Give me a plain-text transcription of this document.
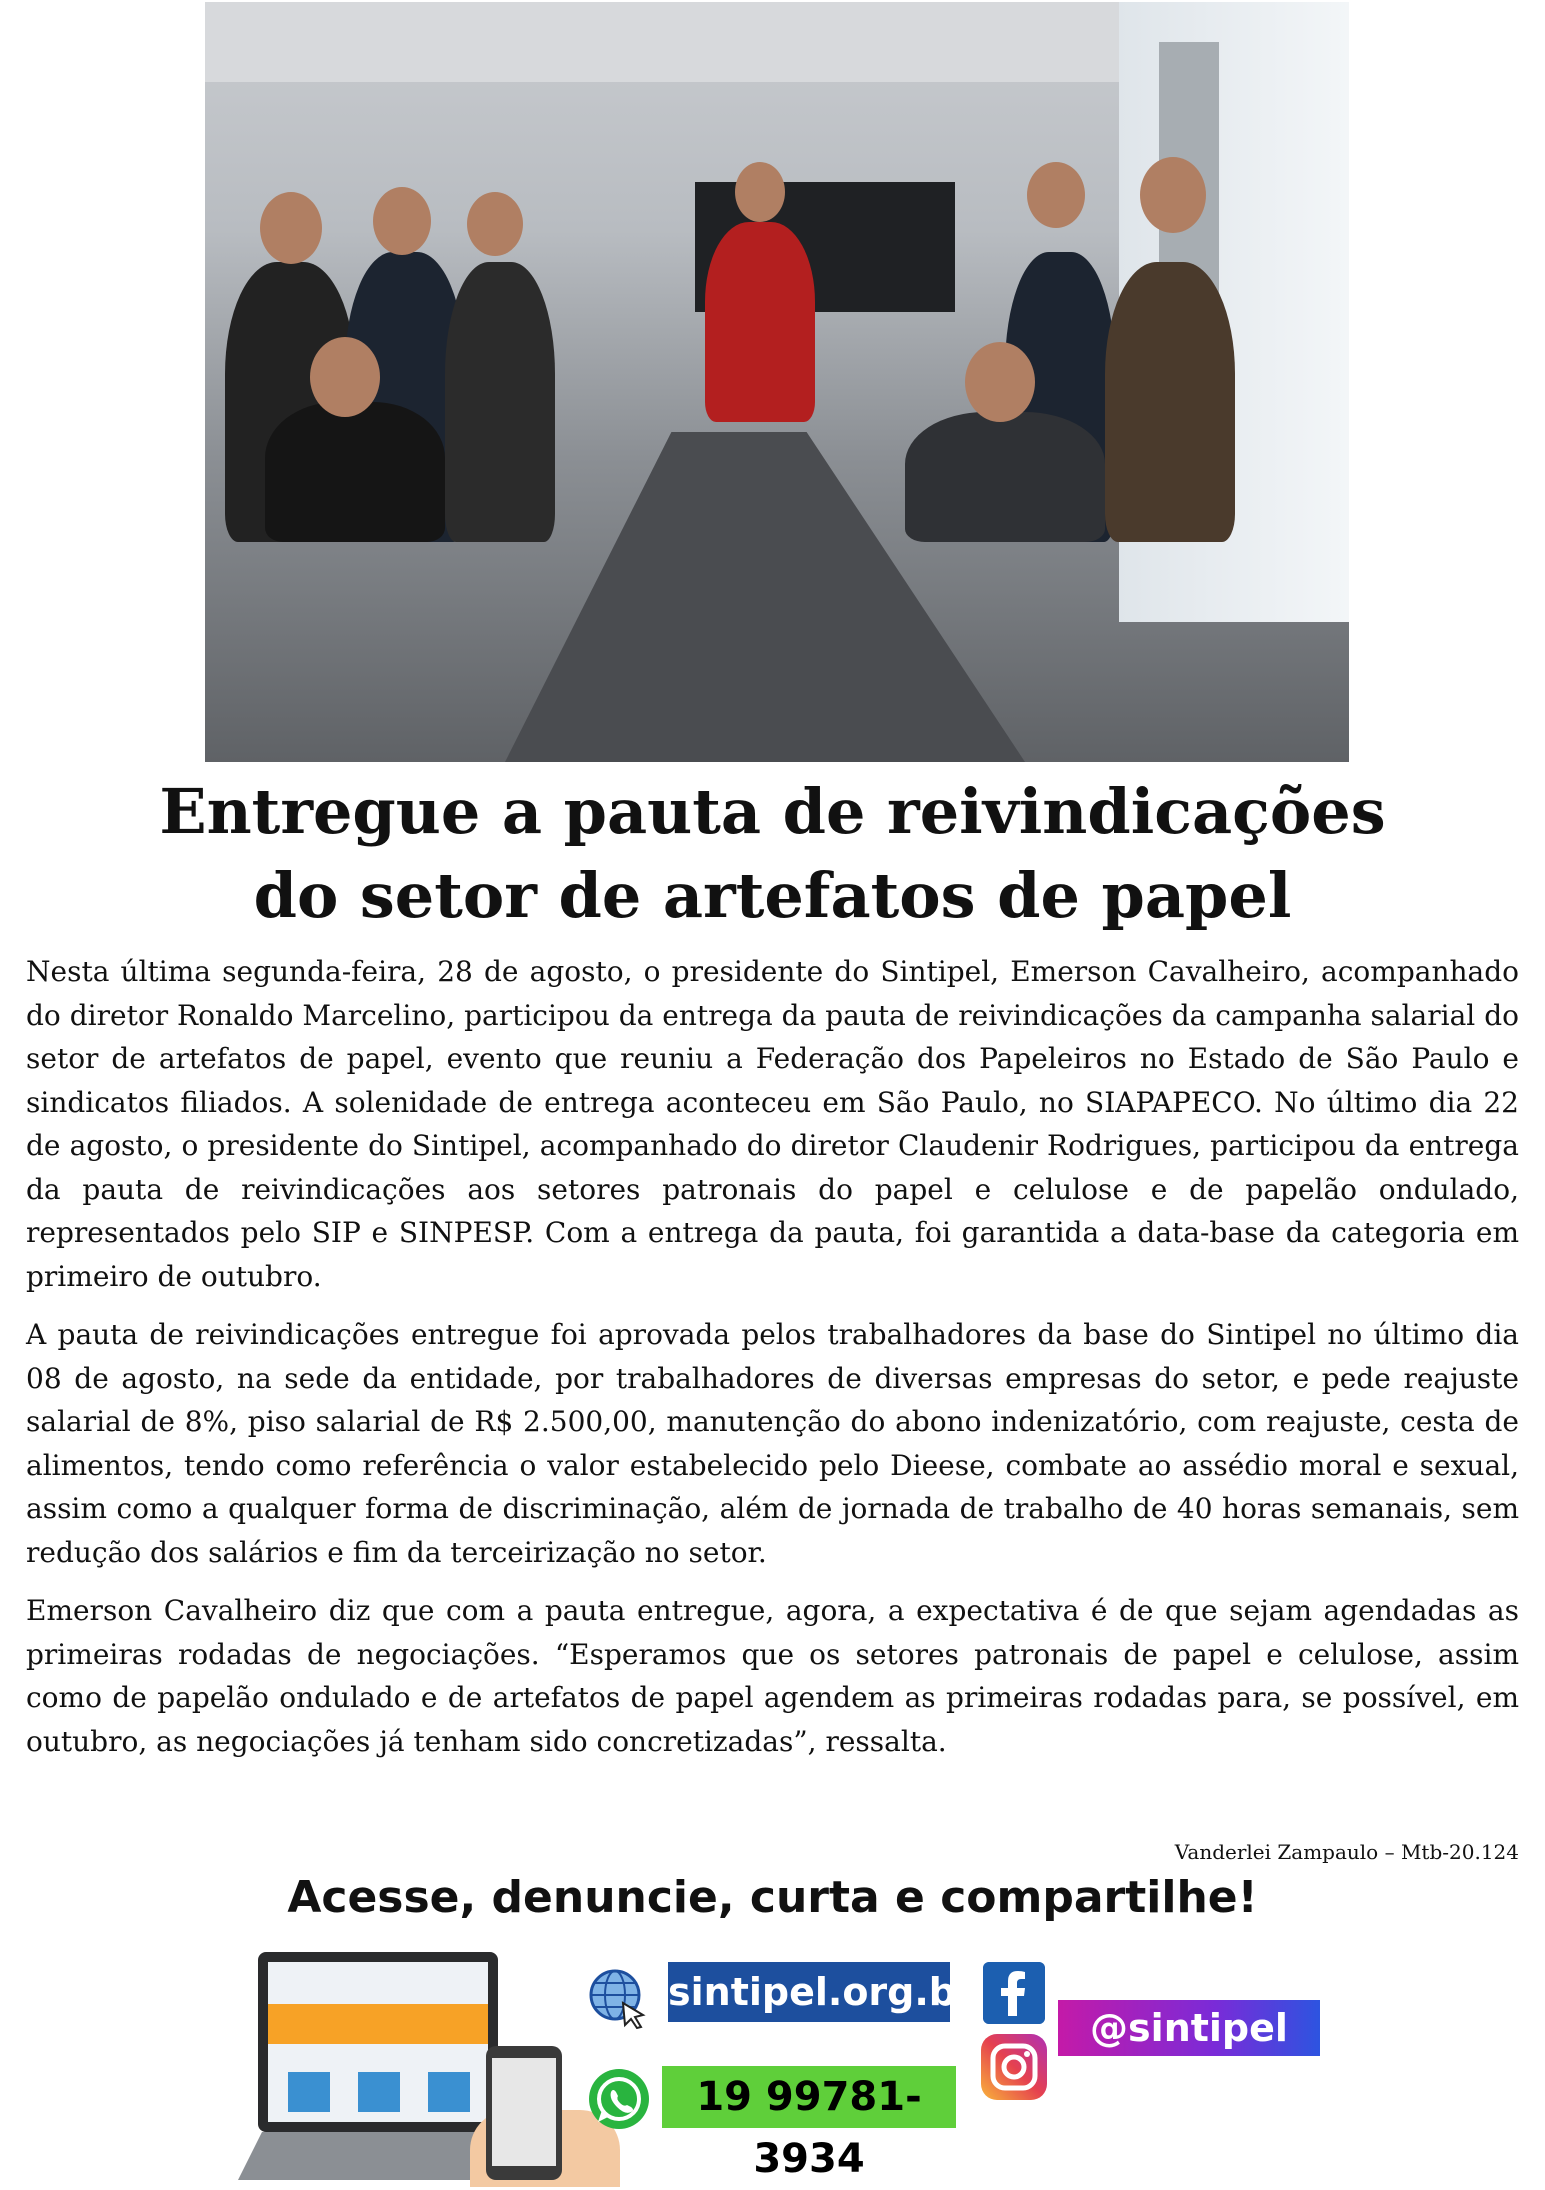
Entregue a pauta de reivindicações
do setor de artefatos de papel

Nesta última segunda-feira, 28 de agosto, o presidente do Sintipel, Emerson Cavalheiro, acompanhado do diretor Ronaldo Marcelino, participou da entrega da pauta de reivindicações da campanha salarial do setor de artefatos de papel, evento que reuniu a Federação dos Papeleiros no Estado de São Paulo e sindicatos filiados. A solenidade de entrega aconteceu em São Paulo, no SIAPAPECO. No último dia 22 de agosto, o presidente do Sintipel, acompanhado do diretor Claudenir Rodrigues, participou da entrega da pauta de reivindicações aos setores patronais do papel e celulose e de papelão ondulado, representados pelo SIP e SINPESP. Com a entrega da pauta, foi garantida a data-base da categoria em primeiro de outubro.

A pauta de reivindicações entregue foi aprovada pelos trabalhadores da base do Sintipel no último dia 08 de agosto, na sede da entidade, por trabalhadores de diversas empresas do setor, e pede reajuste salarial de 8%, piso salarial de R$ 2.500,00, manutenção do abono indenizatório, com reajuste, cesta de alimentos, tendo como referência o valor estabelecido pelo Dieese, combate ao assédio moral e sexual, assim como a qualquer forma de discriminação, além de jornada de trabalho de 40 horas semanais, sem redução dos salários e fim da terceirização no setor.

Emerson Cavalheiro diz que com a pauta entregue, agora, a expectativa é de que sejam agendadas as primeiras rodadas de negociações. “Esperamos que os setores patronais de papel e celulose, assim como de papelão ondulado e de artefatos de papel agendem as primeiras rodadas para, se possível, em outubro, as negociações já tenham sido concretizadas”, ressalta.

Vanderlei Zampaulo – Mtb-20.124
Acesse, denuncie, curta e compartilhe!
sintipel.org.br
19 99781-3934
@sintipel
